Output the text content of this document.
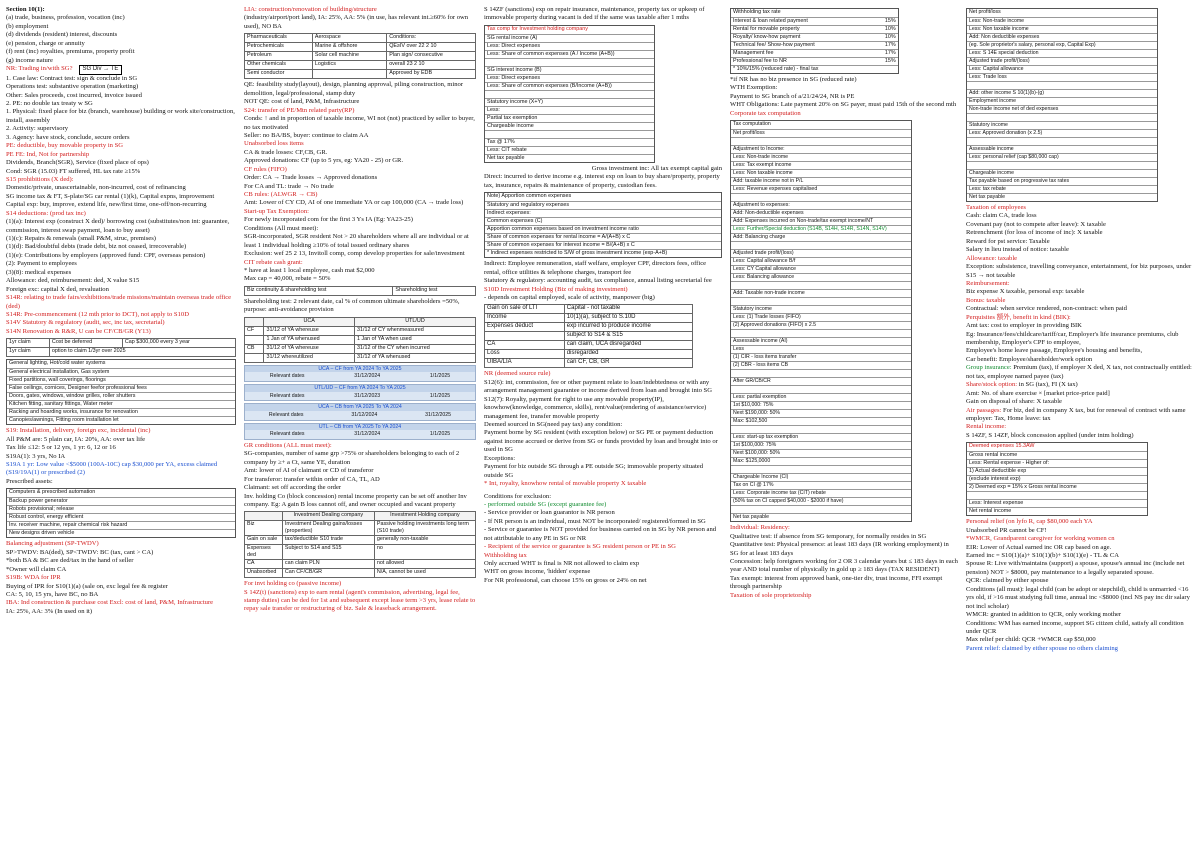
Section 10(1):
(a) trade, business, profession, vocation (inc)
(b) employment
(d) dividends (resident) interest, discounts
(e) pension, charge or annuity
(f) rent (inc) royalties, premiums, property profit
(g) income nature
NR: Trading in/with SG? SG Div → TE
1. Case law: Contract test: sign & conclude in SG
Operations test: substantive operation (marketing)
Other: Sales proceeds, cost incurred, invoice issued
2. PE: no double tax treaty w SG
1. Physical: fixed place for biz (branch, warehouse) building or work site/construction, install, assembly
2. Activity: supervisory
3. Agency: have stock, conclude, secure orders
PE: deductible, buy movable property in SG
PE FE: Ind, Not for partnership
Dividends, Branch(SGR), Service (fixed place of ops)
Cond: SGR (15.03) FT suffered, HL tax rate ≥15%
S15 prohibitions (X ded):
Domestic/private, unascertainable, non-incurred, cost of refinancing
SG income tax & FT, S-plate/SG car rental (1)(k), Capital expns, improvement
Capital exp: buy, improve, extend life, new/first time, one-off/non-recurring
S14 deductions: (prod tax inc)
(1)(a): Interest exp (construct X ded)/ borrowing cost (substitutes/non int: guarantee, commission, interest swap payment, loan to buy asset)
(1)(c): Repairs & renewals (small P&M, struc, premises)
(1)(d): Bad/doubtful debts (trade debt, biz not ceased, irrecoverable)
(1)(e): Contributions by employers (approved fund: CPF, overseas pension)
(2): Payment to employees
(3)(8): medical expenses
Allowance: ded, reimbursement: ded, X value S15
Foreign exc: capital X ded, revaluation
S14R: relating to trade fairs/exhibitions/trade missions/maintain overseas trade office (ded)
S14R: Pre-commencement (12 mth prior to DCT), not apply to S10D
S14V Statutory & regulatory (audit, sec, inc tax, secretarial)
S14N Renovation & R&R, U can be CF/CB/GR (Y13)
1yr claim	Cost be deferred	Cap $300,000 every 3 year
1yr claim	option to claim 1/3yr over 2025	
General lighting, Hot/cold water systems
General electrical installation, Gas system
Fixed partitions, wall coverings, floorings
False ceilings, cornices, Designer feefor professional fees
Doors, gates, windows, window grilles, roller shutters
Kitchen fitting, sanitary fittings, Water meter
Racking and hoarding works, insurance for renovation
Canopies/awnings, Fitting room installation let
S19: Installation, delivery, foreign exc, incidental (inc)
All P&M are: 5 plain car, IA: 20%, AA: over tax life
Tax life ≤12: 5 or 12 yrs, 1 yr: 6, 12 or 16
S19A(1): 3 yrs, No IA
S19A 1 yr: Low value <$5000 (100A-10C) cap $30,000 per YA, excess claimed (S19/19A(1) or prescribed (2)
Prescribed assets:
Computers & prescribed automation
Backup power generator
Robots provisional; release
Robust control, energy efficient
Inv. receiver machine, repair chemical risk hazard
New designs driven vehicle
Balancing adjustment (SP-TWDV)
SP>TWDV: BA(ded), SP<TWDV: BC (tax, cant > CA)
*both BA & BC are ded/tax in the hand of seller
*Owner will claim CA
S19B: WDA for IPR
Buying of IPR for S10(1)(a) (sale on, exc legal fee & register
CA: 5, 10, 15 yrs, have BC, no BA
IBA: Ind construction & purchase cost Excl: cost of land, P&M, Infrastructure
IA: 25%, AA: 3% (In used on it)
LIA: construction/renovation of building/structure
(industry/airport/port land), IA: 25%, AA: 5% (in use, has relevant int.≥60% for own used), NO BA
Pharmaceuticals	Aerospace	Conditions:
Petrochemicals	Marine & offshore	QE≥IV over 22 2 10
Petroleum	Solar cell machine	Plan sign/ consecutive
Other chemicals	Logistics	overall 23 2 10
Semi conductor		Approved by EDB
QE: feasibility study(layout), design, planning approval, piling construction, minor demolition, legal/professional, stamp duty
NOT QE: cost of land, P&M, Infrastructure
S24: transfer of PE/Mtn related party(RP)
Conds: ↑ and in proportion of taxable income, WI not (not) practiced by seller to buyer, no tax motivated
Seller: no BA/BS, buyer: continue to claim AA
Unabsorbed loss items
CA & trade losses: CF,CB, GR.
Approved donations: CF (up to 5 yrs, eg: YA20 - 25) or GR.
CF rules (FIFO)
Order: CA → Trade losses → Approved donations
For CA and TL: trade → No trade
CB rules: (ALWGR → CB)
Amt: Lower of CY CD, AI of one immediate YA or cap 100,000 (CA → trade loss)
Start-up Tax Exemption:
For newly incorporated com for the first 3 Ys IA (Eg: YA23-25)
Conditions (All must meet):
SGR-incorporated, SGR resident Not > 20 shareholders where all are individual or at least 1 individual holding ≥10% of total issued ordinary shares
Exclusion: wef 25 2 13, Invitoll comp, comp develop properties for sale/investment
CIT rebate cash grant:
* have at least 1 local employee, cash mat $2,000
Max cap = 40,000, rebate = 50%
Biz continuity & shareholding test	Shareholding test
Shareholding test: 2 relevant date, cal % of common ultimate shareholders =50%, purpose: anti-avoidance provision
	UCA	UTL/UD
CF	31/12 of YA whereuse	31/12 of CY whenmeasured
	1 Jan of YA whenused	1 Jan of YA when used
CB	31/12 of YA whereuse	31/12 of the CY when incurred
	31/12 whereutilized	31/12 of YA whenused
UCA – CF from YA 2024 To YA 2025
Relevant dates	31/12/2024	1/1/2025
UTL/UD – CF from YA 2024 To YA 2025
Relevant dates	31/12/2023	1/1/2025
UCA – CB from YA 2025 To YA 2024
Relevant dates	31/12/2024	31/12/2025
UTL – CB from YA 2025 To YA 2024
Relevant dates	31/12/2024	1/1/2025
GR conditions (ALL must meet):
SG-companies, number of same grp >75% or shareholders belonging to each of 2 company by ≥+ a Ct, same YE, duration
Amt: lower of AI of claimant or CD of transferor
For transferor: transfer within order of CA, TL, AD
Claimant: set off according the order
Inv. holding Co (block concession) rental income property can be set off another Inv company. Eg: A gain B loss cannot off, and owner occupied and vacant property
	Investment Dealing company	Investment Holding company
Biz	Investment Dealing gains/losses (properties)	Passive holding investments long term (S10 trade)
Gain on sale	tax/deductible S10 trade	generally non-taxable
Expenses ded	Subject to S14 and S15	no
CA	can claim PLN	not allowed
Unabsorbed	Can CF/CB/GR	N/A, cannot be used
For invt holding co (passive income)
S 14Z(t) (sanctions) exp to earn rental (agent's commission, advertising, legal fee, stamp duties) can be ded for 1st and subsequent except lease term >3 yrs, lease relate to repay sale transfer or restructuring of biz. Sale & leaseback arrangement.
S 14ZF (sanctions) exp on repair insurance, maintenance, property tax or upkeep of immovable property during vacant is ded if the same was taxable after 1 mths
Tax comp for Investment holding company
SG rental income (A)
Less: Direct expenses
Less: Share of common expenses (A / Income (A+B))
SG interest income (B)
Less: Direct expenses
Less: Share of common expenses (B/Income (A+B))
Statutory income (X+Y)
Less:
Partial tax exemption
Chargeable income
Tax @ 17%
Less: CIT rebate
Net tax payable
Gross investment inc: All tax exempt capital gain
Direct: incurred to derive income e.g. interest exp on loan to buy share/property, property tax, insurance, repairs & maintenance of property, custodian fees.
Note) Apportion common expenses
Statutory and regulatory expenses
Indirect expenses:
Common expenses (C)
Apportion common expenses based on investment income ratio
Share of common expenses for rental income = A/(A+B) x C
Share of common expenses for interest income = B/(A+B) x C
* Indirect expenses restricted to S/W of gross investment income (exp-A+B)
Indirect: Employee remuneration, staff welfare, employer CPF, directors fees, office rental, office utilities & telephone charges, transport fee
Statutory & regulatory: accounting audit, tax compliance, annual listing secretarial fee
S10D Investment Holding (Biz of making investment)
- depends on capital employed, scale of activity, manpower (big)
Gain on sale of LTI	Capital - not taxable
Income	10(1)(a), subject to S.10D
Expenses deduct	exp incurred to produce income
	subject to S14 & S15
CA	can claim, UCA disregarded
Loss	disregarded
UIBA/LIA	can CF, CB, GR
NR (deemed source rule)
S12(6): int, commission, fee or other payment relate to loan/indebtedness or with any arrangement management guarantee or income derived from loan and brought into SG
S12(7): Royalty, payment for right to use any movable property(IP), knowhow(knowledge, commerce, skills), rent/value(rendering of assistance/service) management fee, transfer movable property
Deemed sourced in SG(need pay tax) any condition:
Payment borne by SG resident (with exception below) or SG PE or payment deduction against income accrued or derive from SG or funds provided by loan and brought into or used in SG
Exceptions:
Payment for biz outside SG through a PE outside SG; immovable property situated outside SG
* Int, royalty, knowhow rental of movable property X taxable
Conditions for exclusion:
- performed outside SG (except guarantee fee)
- Service provider or loan guarantor is NR person
- If NR person is an individual, must NOT be incorporated/ registered/formed in SG
- Service or guarantee is NOT provided for business carried on in SG by NR person and not attributable to any PE in SG or NR
- Recipient of the service or guarantee is SG resident person or PE in SG
Withholding tax
Only accrued WHT is final is NR not allowed to claim exp
WHT on gross income, 'hidden' expense
For NR professional, can choose 15% on gross or 24% on net
Withholding tax rate
Interest & loan related payment	15%
Rental for movable property	10%
Royalty/ know-how payment	10%
Technical fee/ Show-how payment	17%
Management fee	17%
Professional fee to NR	15%
* 10%/15% (reduced rate) - final tax
*if NR has no biz presence in SG (reduced rate)
WTH Exemption:
Payment to SG branch of a/21/24/24, NR is PE
WHT Obligations: Late payment 20% on SG payer, must paid 15th of the second mth
Corporate tax computation
Tax computation
Net profit/loss
Adjustment to Income:
Less: Non-trade income
Less: Tax exempt income
Less: Non taxable income
Add: taxable income not in P/L
Less: Revenue expenses capitalised
Adjustment to expenses:
Add: Non-deductible expenses
Add: Expenses incurred on Non-trade/tax exempt income/NT
Less: Further/Special deduction (S14B, S14H, S14R, S14N, S14V)
Add: Balancing charge
Adjusted trade profit/(loss)
Less: Capital allowance B/f
Less: CY Capital allowance
Less: Balancing allowance
Add: Taxable non-trade income
Statutory income
Less: (1) Trade losses (FIFO)
(2) Approved donations (FIFO) x 2.5
Assessable income (AI)
Less
(1) CIR - loss items transfer
(2) CBR - loss items CB
After GR/CB/CR
Less: partial exemption
1st $10,000: 75%
Next $190,000: 50%
Max: $102,500
Less: start-up tax exemption
1st $100,000: 75%
Next $100,000: 50%
Max: $125,0000
Chargeable Income (CI)
Tax on CI @ 17%
Less: Corporate income tax (CIT) rebate
(50% tax on CI capped $40,000 - $2000 if have)
Net tax payable
Individual: Residency:
Qualitative test: if absence from SG temporary, for normally resides in SG
Quantitative test: Physical presence: at least 183 days (IR working employment) in SG for at least 183 days
Concession: help foreigners working for 2 OR 3 calendar years but ≤ 183 days in each year AND total number of physically in gold up ≥ 183 days (TAX RESIDENT)
Tax exempt: interest from approved bank, one-tier div, trust income, FFI exempt through partnership
Taxation of sole proprietorship
Net profit/loss
Less: Non-trade income
Less: Non taxable income
Add: Non deductible expenses
(eg. Sole proprietor's salary, personal exp, Capital Exp)
Less: S 14E special deduction
Adjusted trade profit/(loss)
Less: Capital allowance
Less: Trade loss
Add: other income S 10(1)(b)-(g)
Employment income
Non-trade income net of ded expenses
Statutory income
Less: Approved donation (x 2.5)
Assessable income
Less: personal relief (cap $80,000 cap)
Chargeable income
Tax payable based on progressive tax rates
Less: tax rebate
Net tax payable
Taxation of employees
Cash: claim CA, trade loss
Covenant pay (not to compete after leave): X taxable
Retrenchment (for loss of income of inc): X taxable
Reward for pst service: Taxable
Salary in lieu instead of notice: taxable
Allowance: taxable
Exception: subsistence, travelling conveyance, entertainment, for biz purposes, under S15 → not taxable
Reimbursement:
Biz expense X taxable, personal exp: taxable
Bonus: taxable
Contractual: when service rendered, non-contract: when paid
Perquisites 额外, benefit in kind (BIK):
Amt tax: cost to employer in providing BIK
Eg: Insurance/fees/childcare/tariff/car, Employer's life insurance premiums, club membership, Employer's CPF to employee,
Employee's home leave passage, Employee's housing and benefits,
Car benefit: Employee/shareholder/work option
Group insurance: Premium (tax), if employer X ded, X tax, not contractually entitled: not tax, employee named payee (tax)
Share/stock option: in SG (tax), FI (X tax)
Amt: No. of share exercise × [market price-price paid]
Gain on disposal of share: X taxable
Air passages: For biz, ded in company X tax, but for renewal of contract with same employer: Tax, Home leave: tax
Rental income:
S 14ZF, S 14ZF, block concession applied (under intm holding)
Deemed expenses 15.3AW
Gross rental income
Less: Rental expense - Higher of:
1) Actual deductible exp
(exclude interest exp)
2) Deemed exp = 15% x Gross rental income
Less: Interest expense
Net rental income
Personal relief (on lyfo R, cap $80,000 each YA
Unabsorbed PR cannot be CF!
*WMCR, Grandparent caregiver for working women cn
EIR: Lower of Actual earned inc OR cap based on age.
Earned inc = S10(1)(a)+ S10(1)(b)+ S10(1)(e) - TL & CA
Spouse R: Live with/maintains (support) a spouse, spouse's annual inc (include net pension) NOT > $8000, pay maintenance to a legally separated spouse.
QCR: claimed by either spouse
Conditions (all must): legal child (can be adopt or stepchild), child is unmarried <16 yrs old, if >16 must studying full time, annual inc <$8000 (incl NS pay inc dir salary not incl scholar)
WMCR: granted in addition to QCR, only working mother
Conditions: WM has earned income, support SG citizen child, satisfy all condition under QCR
Max relief per child: QCR +WMCR cap $50,000
Parent relief: claimed by either spouse no others claiming
